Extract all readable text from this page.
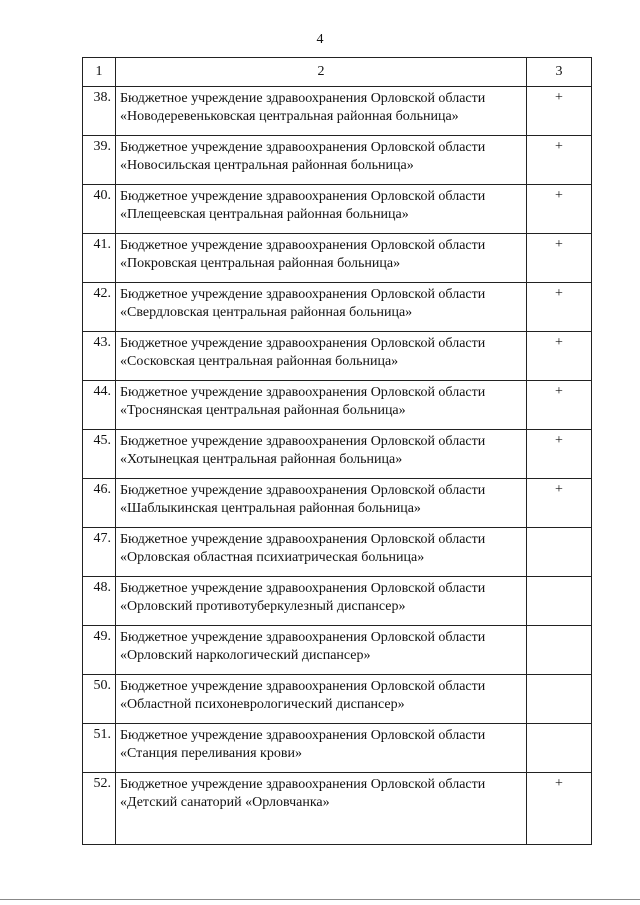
4
1	2	3
38.	Бюджетное учреждение здравоохранения Орловской области
«Новодеревеньковская центральная районная больница»	+
39.	Бюджетное учреждение здравоохранения Орловской области
«Новосильская центральная районная больница»	+
40.	Бюджетное учреждение здравоохранения Орловской области
«Плещеевская центральная районная больница»	+
41.	Бюджетное учреждение здравоохранения Орловской области
«Покровская центральная районная больница»	+
42.	Бюджетное учреждение здравоохранения Орловской области
«Свердловская центральная районная больница»	+
43.	Бюджетное учреждение здравоохранения Орловской области
«Сосковская центральная районная больница»	+
44.	Бюджетное учреждение здравоохранения Орловской области
«Троснянская центральная районная больница»	+
45.	Бюджетное учреждение здравоохранения Орловской области
«Хотынецкая центральная районная больница»	+
46.	Бюджетное учреждение здравоохранения Орловской области
«Шаблыкинская центральная районная больница»	+
47.	Бюджетное учреждение здравоохранения Орловской области
«Орловская областная психиатрическая больница»	

48.	Бюджетное учреждение здравоохранения Орловской области
«Орловский противотуберкулезный диспансер»	

49.	Бюджетное учреждение здравоохранения Орловской области
«Орловский наркологический диспансер»	

50.	Бюджетное учреждение здравоохранения Орловской области
«Областной психоневрологический диспансер»	

51.	Бюджетное учреждение здравоохранения Орловской области
«Станция переливания крови»	

52.	Бюджетное учреждение здравоохранения Орловской области
«Детский санаторий «Орловчанка»	+
